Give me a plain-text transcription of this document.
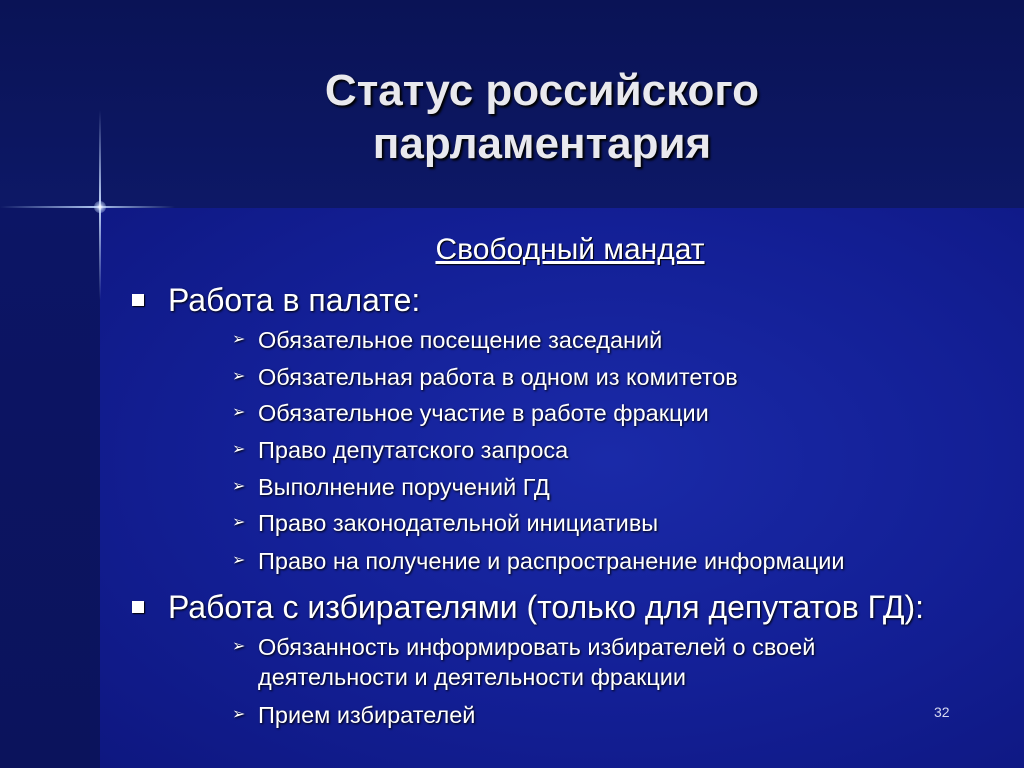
Статус российского
парламентария
Свободный мандат
Работа в палате:
➢ Обязательное посещение заседаний
➢ Обязательная работа в одном из комитетов
➢ Обязательное участие в работе фракции
➢ Право депутатского запроса
➢ Выполнение поручений ГД
➢ Право законодательной инициативы
➢ Право на получение и распространение информации
Работа с избирателями (только для депутатов ГД):
➢ Обязанность информировать избирателей о своей
деятельности и деятельности фракции
➢ Прием избирателей	32
